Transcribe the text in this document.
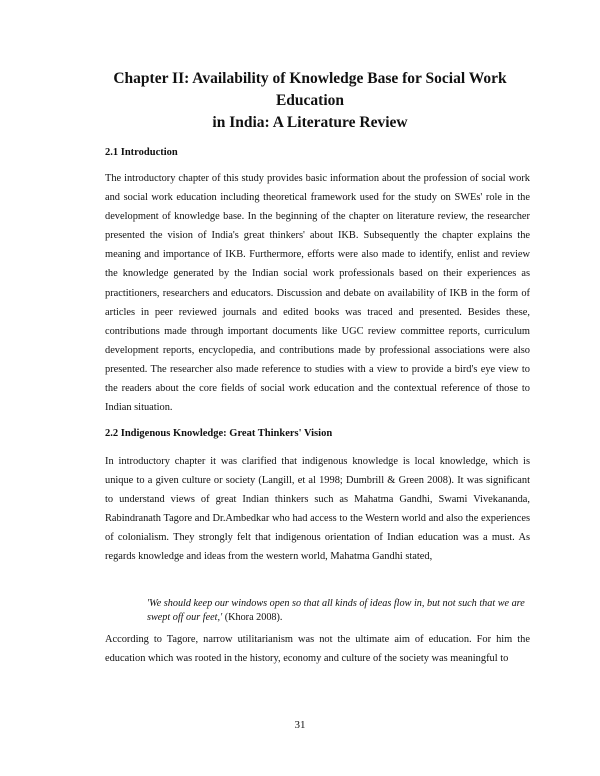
Chapter II: Availability of Knowledge Base for Social Work Education
in India: A Literature Review
2.1 Introduction

The introductory chapter of this study provides basic information about the profession of social work and social work education including theoretical framework used for the study on SWEs' role in the development of knowledge base. In the beginning of the chapter on literature review, the researcher presented the vision of India's great thinkers' about IKB. Subsequently the chapter explains the meaning and importance of IKB. Furthermore, efforts were also made to identify, enlist and review the knowledge generated by the Indian social work professionals based on their experiences as practitioners, researchers and educators. Discussion and debate on availability of IKB in the form of articles in peer reviewed journals and edited books was traced and presented. Besides these, contributions made through important documents like UGC review committee reports, curriculum development reports, encyclopedia, and contributions made by professional associations were also presented. The researcher also made reference to studies with a view to provide a bird's eye view to the readers about the core fields of social work education and the contextual reference of those to Indian situation.

2.2 Indigenous Knowledge: Great Thinkers' Vision

In introductory chapter it was clarified that indigenous knowledge is local knowledge, which is unique to a given culture or society (Langill, et al 1998; Dumbrill & Green 2008). It was significant to understand views of great Indian thinkers such as Mahatma Gandhi, Swami Vivekananda, Rabindranath Tagore and Dr.Ambedkar who had access to the Western world and also the experiences of colonialism. They strongly felt that indigenous orientation of Indian education was a must. As regards knowledge and ideas from the western world, Mahatma Gandhi stated,

'We should keep our windows open so that all kinds of ideas flow in, but not such that we are swept off our feet,' (Khora 2008).

According to Tagore, narrow utilitarianism was not the ultimate aim of education. For him the education which was rooted in the history, economy and culture of the society was meaningful to

31
